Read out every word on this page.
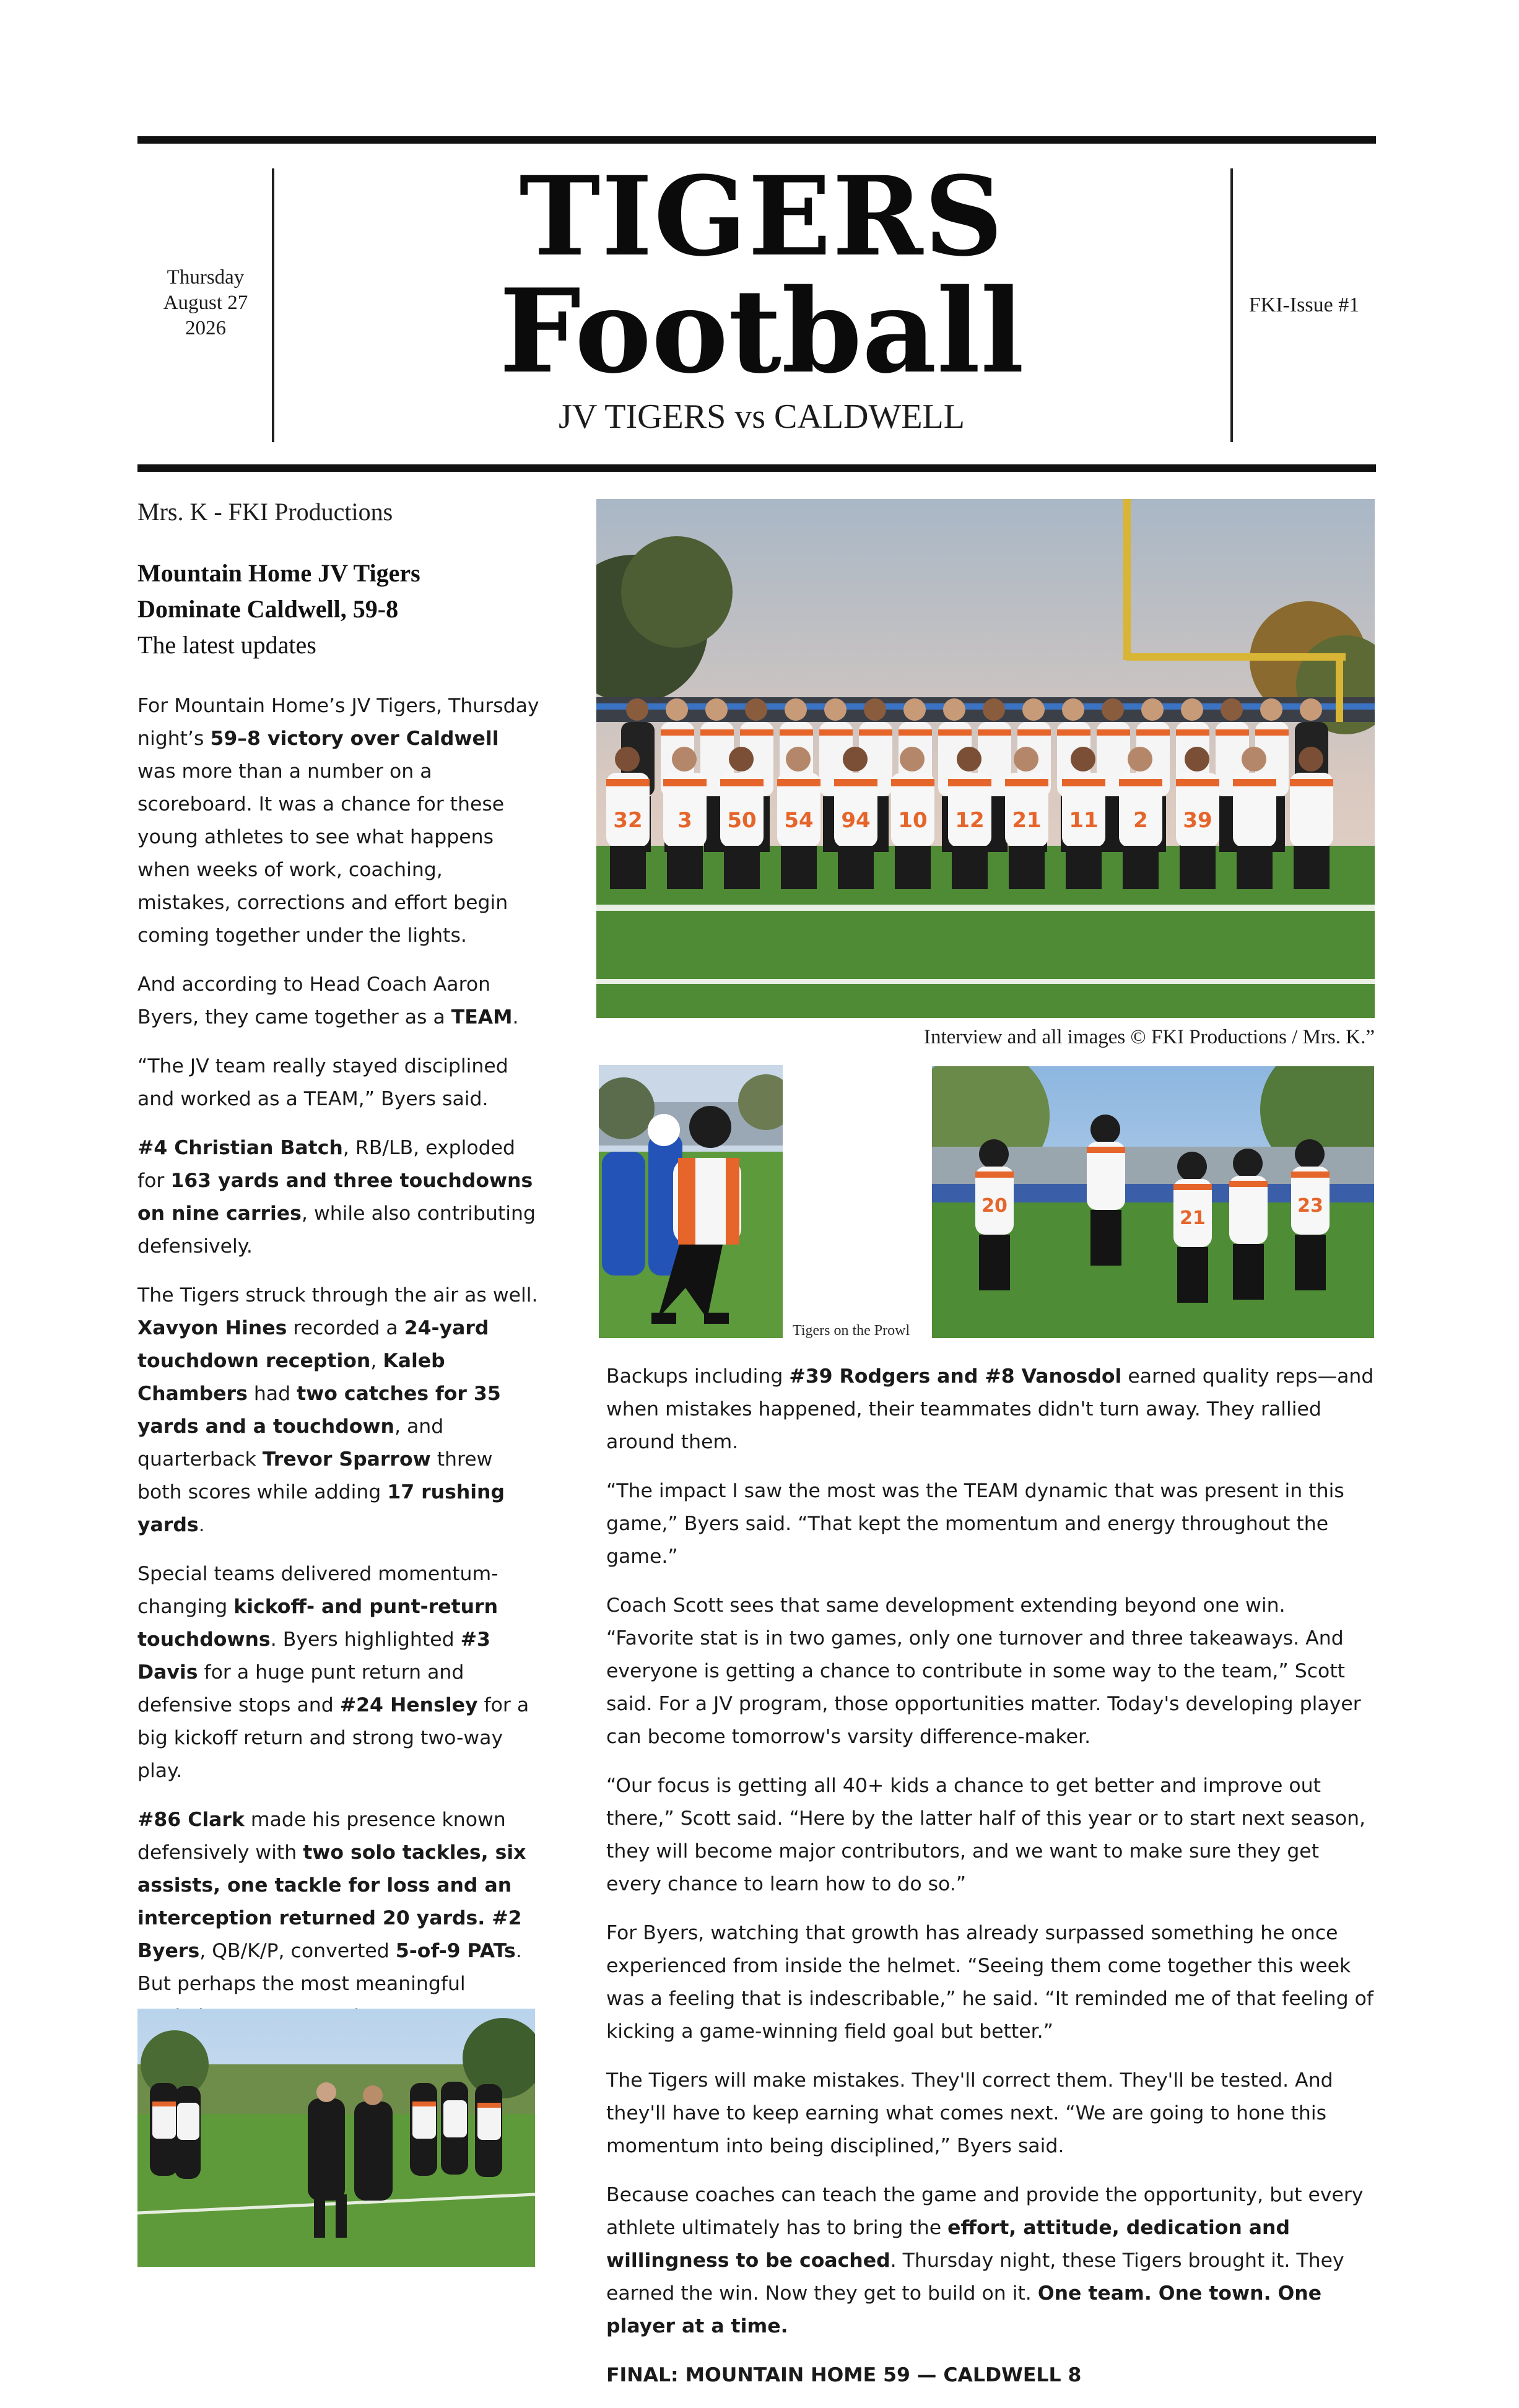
Thursday
August 27
2026
TIGERS
Football
JV TIGERS vs CALDWELL
FKI-Issue #1
Mrs. K - FKI Productions
Mountain Home JV Tigers
Dominate Caldwell, 59-8
The latest updates

For Mountain Home’s JV Tigers, Thursday night’s 59–8 victory over Caldwell was more than a number on a scoreboard. It was a chance for these young athletes to see what happens when weeks of work, coaching, mistakes, corrections and effort begin coming together under the lights.

And according to Head Coach Aaron Byers, they came together as a TEAM.

“The JV team really stayed disciplined and worked as a TEAM,” Byers said.

#4 Christian Batch, RB/LB, exploded for 163 yards and three touchdowns on nine carries, while also contributing defensively.

The Tigers struck through the air as well. Xavyon Hines recorded a 24-yard touchdown reception, Kaleb Chambers had two catches for 35 yards and a touchdown, and quarterback Trevor Sparrow threw both scores while adding 17 rushing yards.

Special teams delivered momentum-changing kickoff- and punt-return touchdowns. Byers highlighted #3 Davis for a huge punt return and defensive stops and #24 Hensley for a big kickoff return and strong two-way play.

#86 Clark made his presence known defensively with two solo tackles, six assists, one tackle for loss and an interception returned 20 yards. #2 Byers, QB/K/P, converted 5-of-9 PATs. But perhaps the most meaningful

32 3 50 54 94 10 12 21 11 2 39
Interview and all images © FKI Productions / Mrs. K.”
Tigers on the Prowl
20
21
23

Backups including #39 Rodgers and #8 Vanosdol earned quality reps—and when mistakes happened, their teammates didn't turn away. They rallied around them.

“The impact I saw the most was the TEAM dynamic that was present in this game,” Byers said. “That kept the momentum and energy throughout the game.”

Coach Scott sees that same development extending beyond one win. “Favorite stat is in two games, only one turnover and three takeaways. And everyone is getting a chance to contribute in some way to the team,” Scott said. For a JV program, those opportunities matter. Today's developing player can become tomorrow's varsity difference-maker.

“Our focus is getting all 40+ kids a chance to get better and improve out there,” Scott said. “Here by the latter half of this year or to start next season, they will become major contributors, and we want to make sure they get every chance to learn how to do so.”

For Byers, watching that growth has already surpassed something he once experienced from inside the helmet. “Seeing them come together this week was a feeling that is indescribable,” he said. “It reminded me of that feeling of kicking a game-winning field goal but better.”

The Tigers will make mistakes. They'll correct them. They'll be tested. And they'll have to keep earning what comes next. “We are going to hone this momentum into being disciplined,” Byers said.

Because coaches can teach the game and provide the opportunity, but every athlete ultimately has to bring the effort, attitude, dedication and willingness to be coached. Thursday night, these Tigers brought it. They earned the win. Now they get to build on it. One team. One town. One player at a time.

FINAL: MOUNTAIN HOME 59 — CALDWELL 8
